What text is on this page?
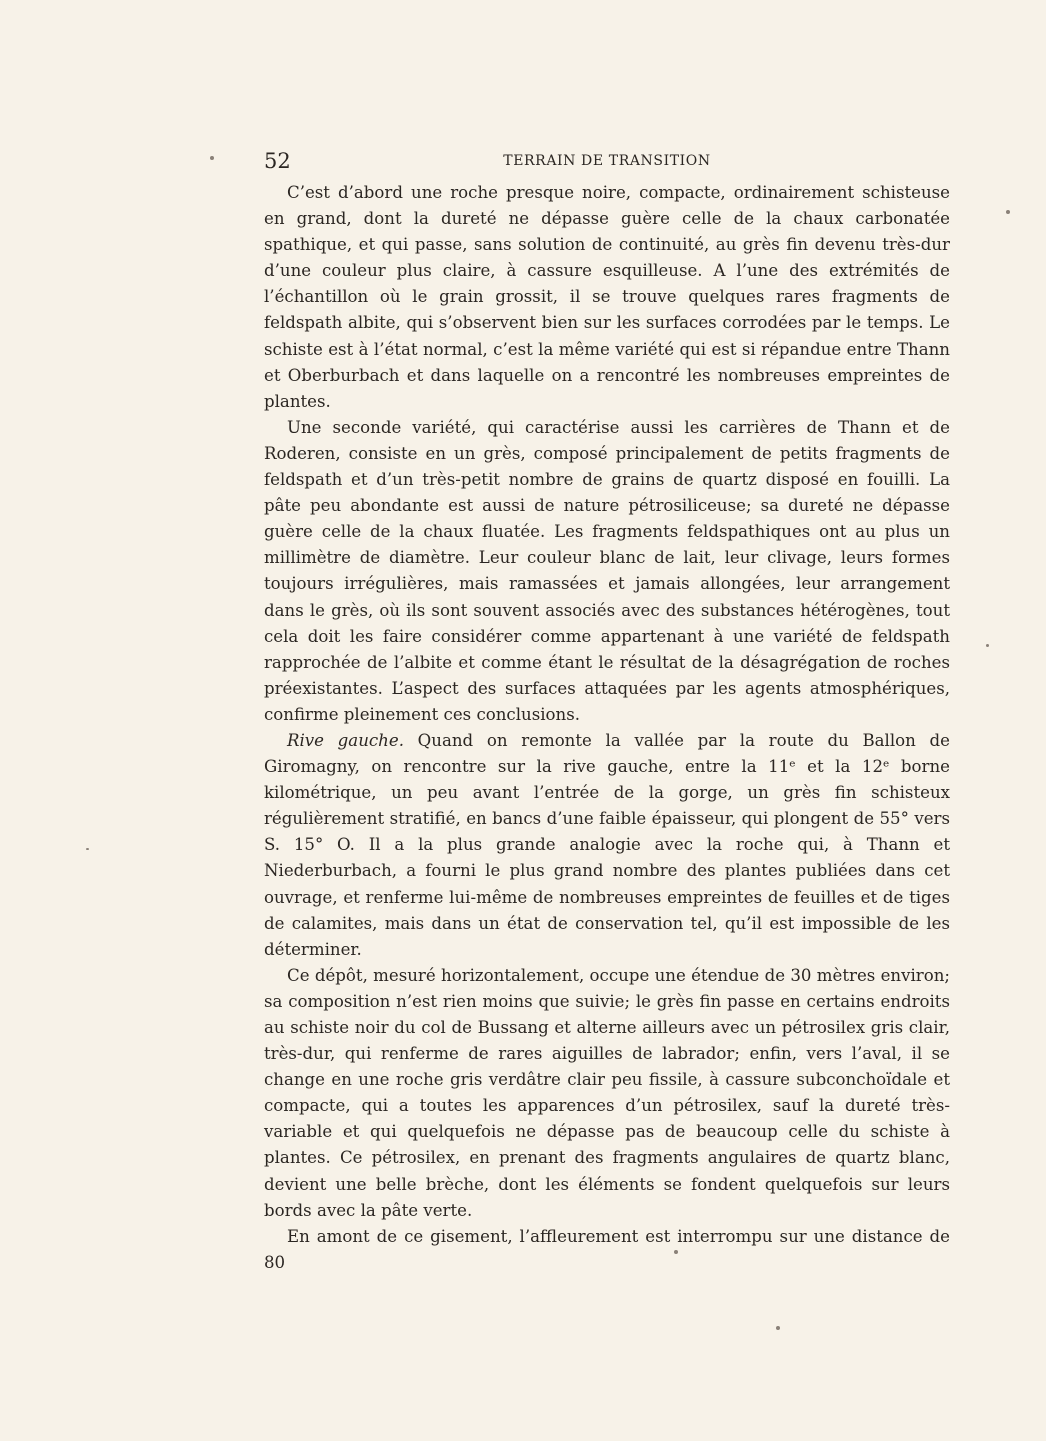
52	TERRAIN DE TRANSITION

C’est d’abord une roche presque noire, compacte, ordinairement schisteuse en grand, dont la dureté ne dépasse guère celle de la chaux carbonatée spathique, et qui passe, sans solution de continuité, au grès fin devenu très-dur d’une couleur plus claire, à cassure esquilleuse. A l’une des extrémités de l’échantillon où le grain grossit, il se trouve quelques rares fragments de feldspath albite, qui s’observent bien sur les surfaces corrodées par le temps. Le schiste est à l’état normal, c’est la même variété qui est si répandue entre Thann et Oberburbach et dans laquelle on a rencontré les nombreuses empreintes de plantes.

Une seconde variété, qui caractérise aussi les carrières de Thann et de Roderen, consiste en un grès, composé principalement de petits fragments de feldspath et d’un très-petit nombre de grains de quartz disposé en fouilli. La pâte peu abondante est aussi de nature pétrosiliceuse; sa dureté ne dépasse guère celle de la chaux fluatée. Les fragments feldspathiques ont au plus un millimètre de diamètre. Leur couleur blanc de lait, leur clivage, leurs formes toujours irrégulières, mais ramassées et jamais allongées, leur arrangement dans le grès, où ils sont souvent associés avec des substances hétérogènes, tout cela doit les faire considérer comme appartenant à une variété de feldspath rapprochée de l’albite et comme étant le résultat de la désagrégation de roches préexistantes. L’aspect des surfaces attaquées par les agents atmosphériques, confirme pleinement ces conclusions.

Rive gauche. Quand on remonte la vallée par la route du Ballon de Giromagny, on rencontre sur la rive gauche, entre la 11ᵉ et la 12ᵉ borne kilométrique, un peu avant l’entrée de la gorge, un grès fin schisteux régulièrement stratifié, en bancs d’une faible épaisseur, qui plongent de 55° vers S. 15° O. Il a la plus grande analogie avec la roche qui, à Thann et Niederburbach, a fourni le plus grand nombre des plantes publiées dans cet ouvrage, et renferme lui-même de nombreuses empreintes de feuilles et de tiges de calamites, mais dans un état de conservation tel, qu’il est impossible de les déterminer.

Ce dépôt, mesuré horizontalement, occupe une étendue de 30 mètres environ; sa composition n’est rien moins que suivie; le grès fin passe en certains endroits au schiste noir du col de Bussang et alterne ailleurs avec un pétrosilex gris clair, très-dur, qui renferme de rares aiguilles de labrador; enfin, vers l’aval, il se change en une roche gris verdâtre clair peu fissile, à cassure subconchoïdale et compacte, qui a toutes les apparences d’un pétrosilex, sauf la dureté très-variable et qui quelquefois ne dépasse pas de beaucoup celle du schiste à plantes. Ce pétrosilex, en prenant des fragments angulaires de quartz blanc, devient une belle brèche, dont les éléments se fondent quelquefois sur leurs bords avec la pâte verte.

En amont de ce gisement, l’affleurement est interrompu sur une distance de 80
